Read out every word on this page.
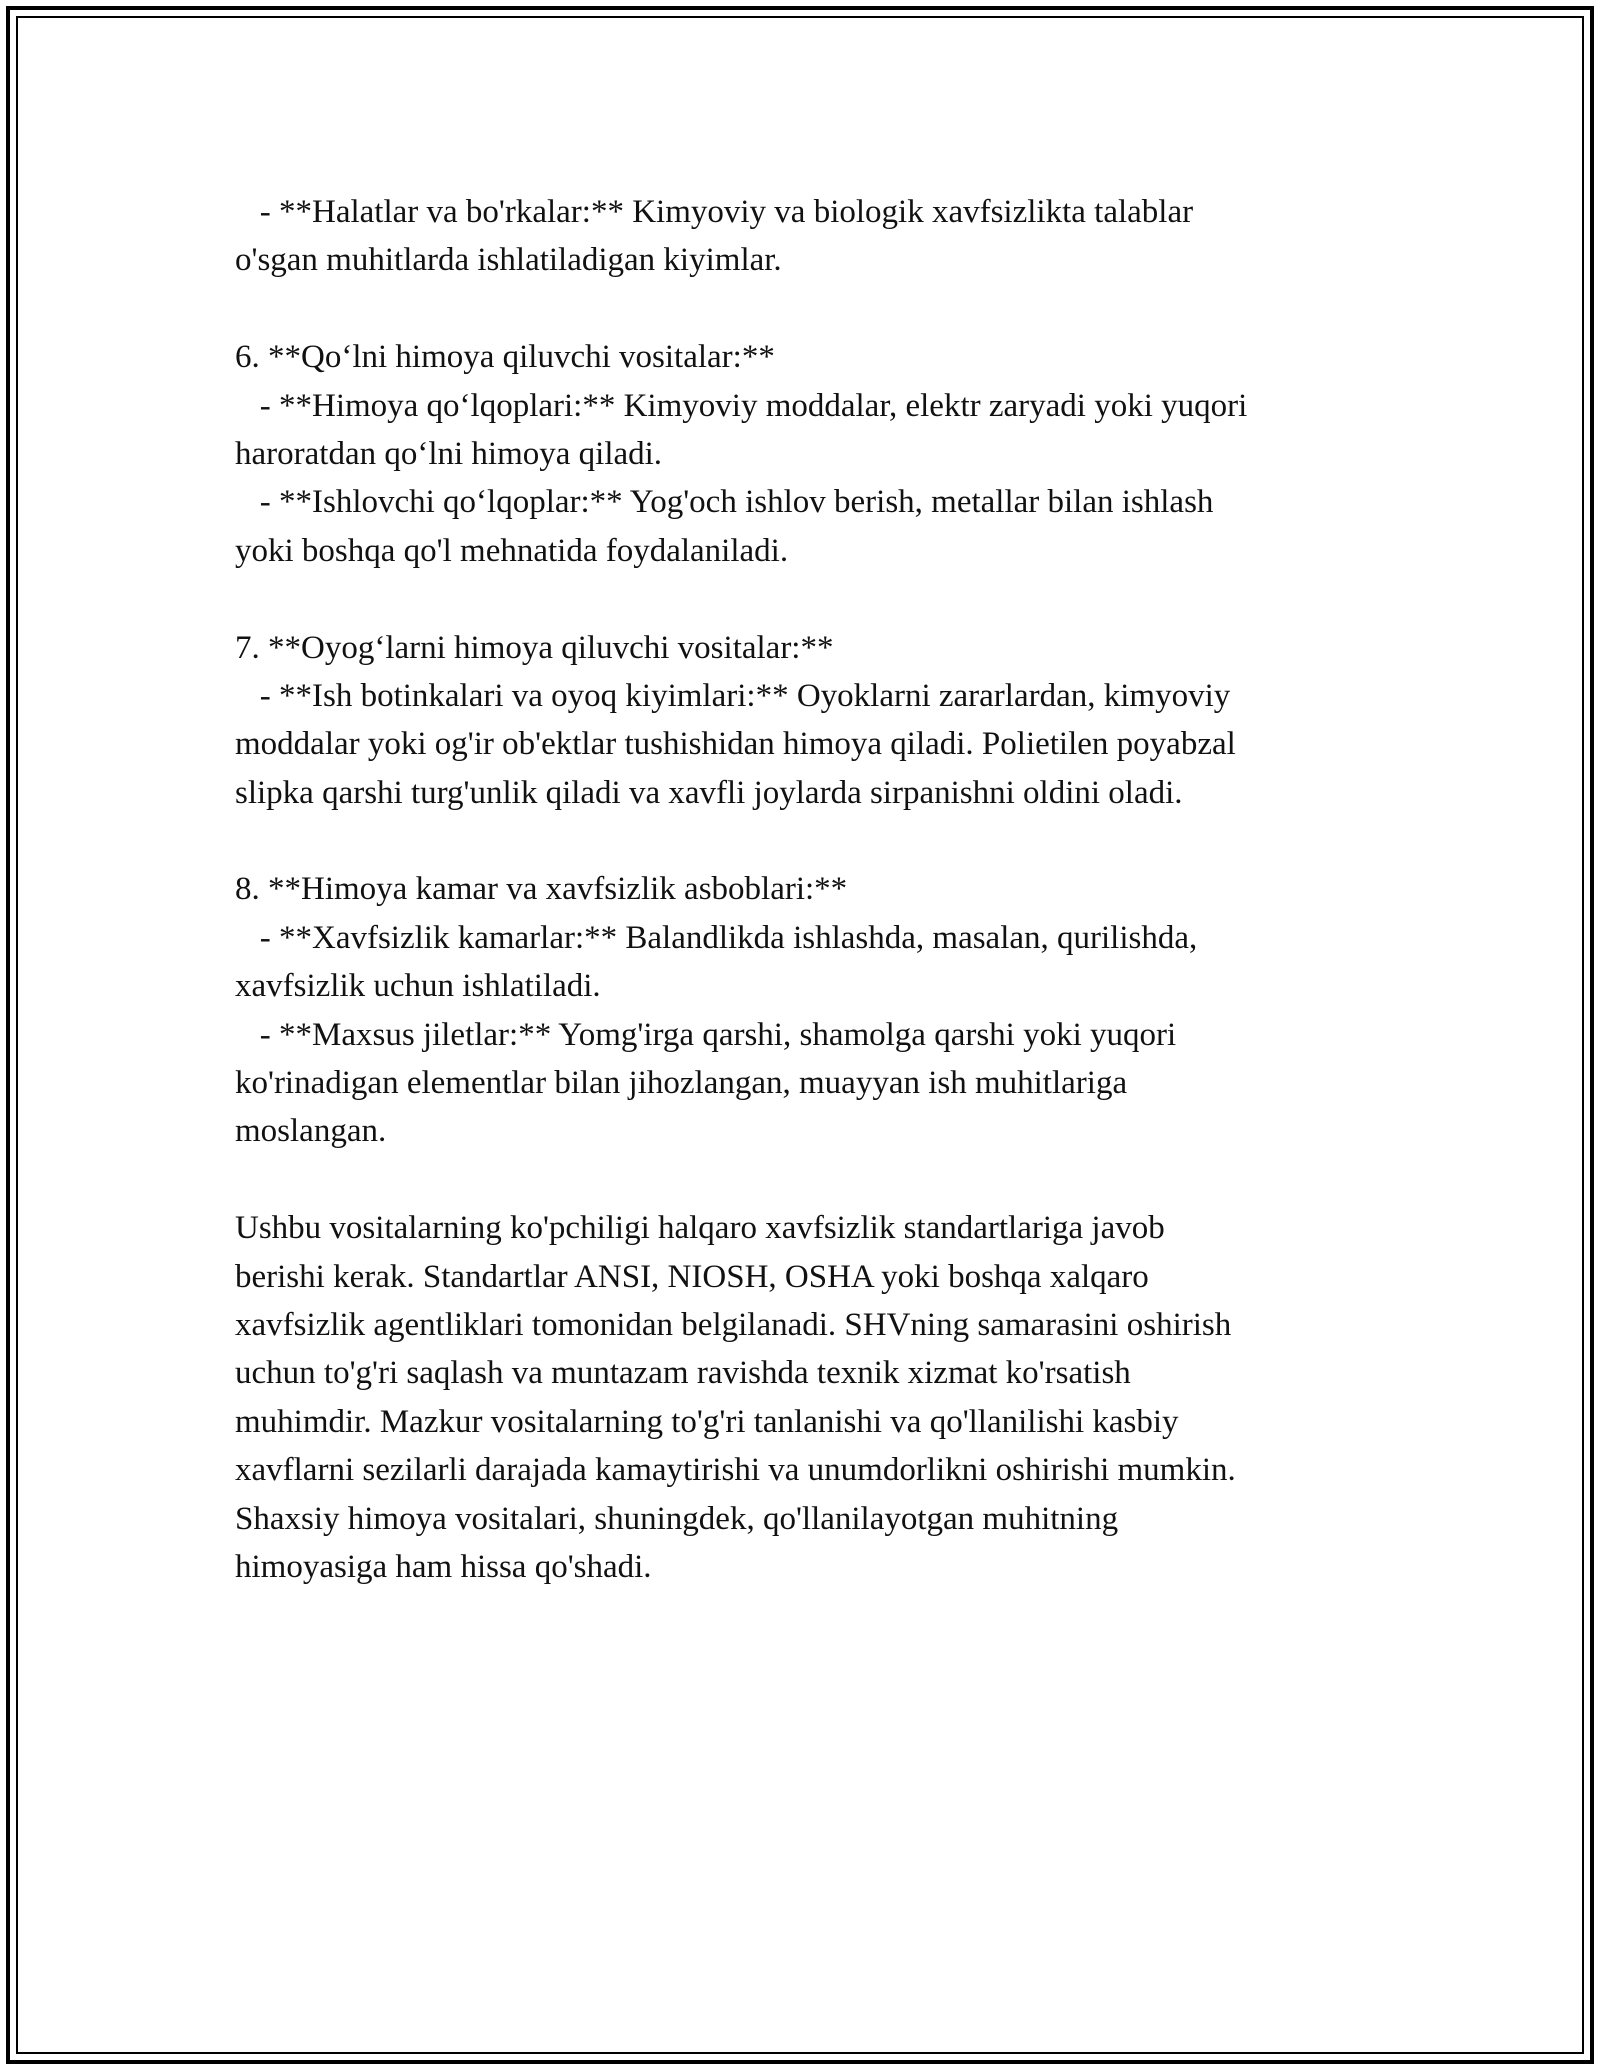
- **Halatlar va bo'rkalar:** Kimyoviy va biologik xavfsizlikta talablar
o'sgan muhitlarda ishlatiladigan kiyimlar.
6. **Qo‘lni himoya qiluvchi vositalar:**
- **Himoya qo‘lqoplari:** Kimyoviy moddalar, elektr zaryadi yoki yuqori
haroratdan qo‘lni himoya qiladi.
- **Ishlovchi qo‘lqoplar:** Yog'och ishlov berish, metallar bilan ishlash
yoki boshqa qo'l mehnatida foydalaniladi.
7. **Oyog‘larni himoya qiluvchi vositalar:**
- **Ish botinkalari va oyoq kiyimlari:** Oyoklarni zararlardan, kimyoviy
moddalar yoki og'ir ob'ektlar tushishidan himoya qiladi. Polietilen poyabzal
slipka qarshi turg'unlik qiladi va xavfli joylarda sirpanishni oldini oladi.
8. **Himoya kamar va xavfsizlik asboblari:**
- **Xavfsizlik kamarlar:** Balandlikda ishlashda, masalan, qurilishda,
xavfsizlik uchun ishlatiladi.
- **Maxsus jiletlar:** Yomg'irga qarshi, shamolga qarshi yoki yuqori
ko'rinadigan elementlar bilan jihozlangan, muayyan ish muhitlariga
moslangan.
Ushbu vositalarning ko'pchiligi halqaro xavfsizlik standartlariga javob
berishi kerak. Standartlar ANSI, NIOSH, OSHA yoki boshqa xalqaro
xavfsizlik agentliklari tomonidan belgilanadi. SHVning samarasini oshirish
uchun to'g'ri saqlash va muntazam ravishda texnik xizmat ko'rsatish
muhimdir. Mazkur vositalarning to'g'ri tanlanishi va qo'llanilishi kasbiy
xavflarni sezilarli darajada kamaytirishi va unumdorlikni oshirishi mumkin.
Shaxsiy himoya vositalari, shuningdek, qo'llanilayotgan muhitning
himoyasiga ham hissa qo'shadi.
